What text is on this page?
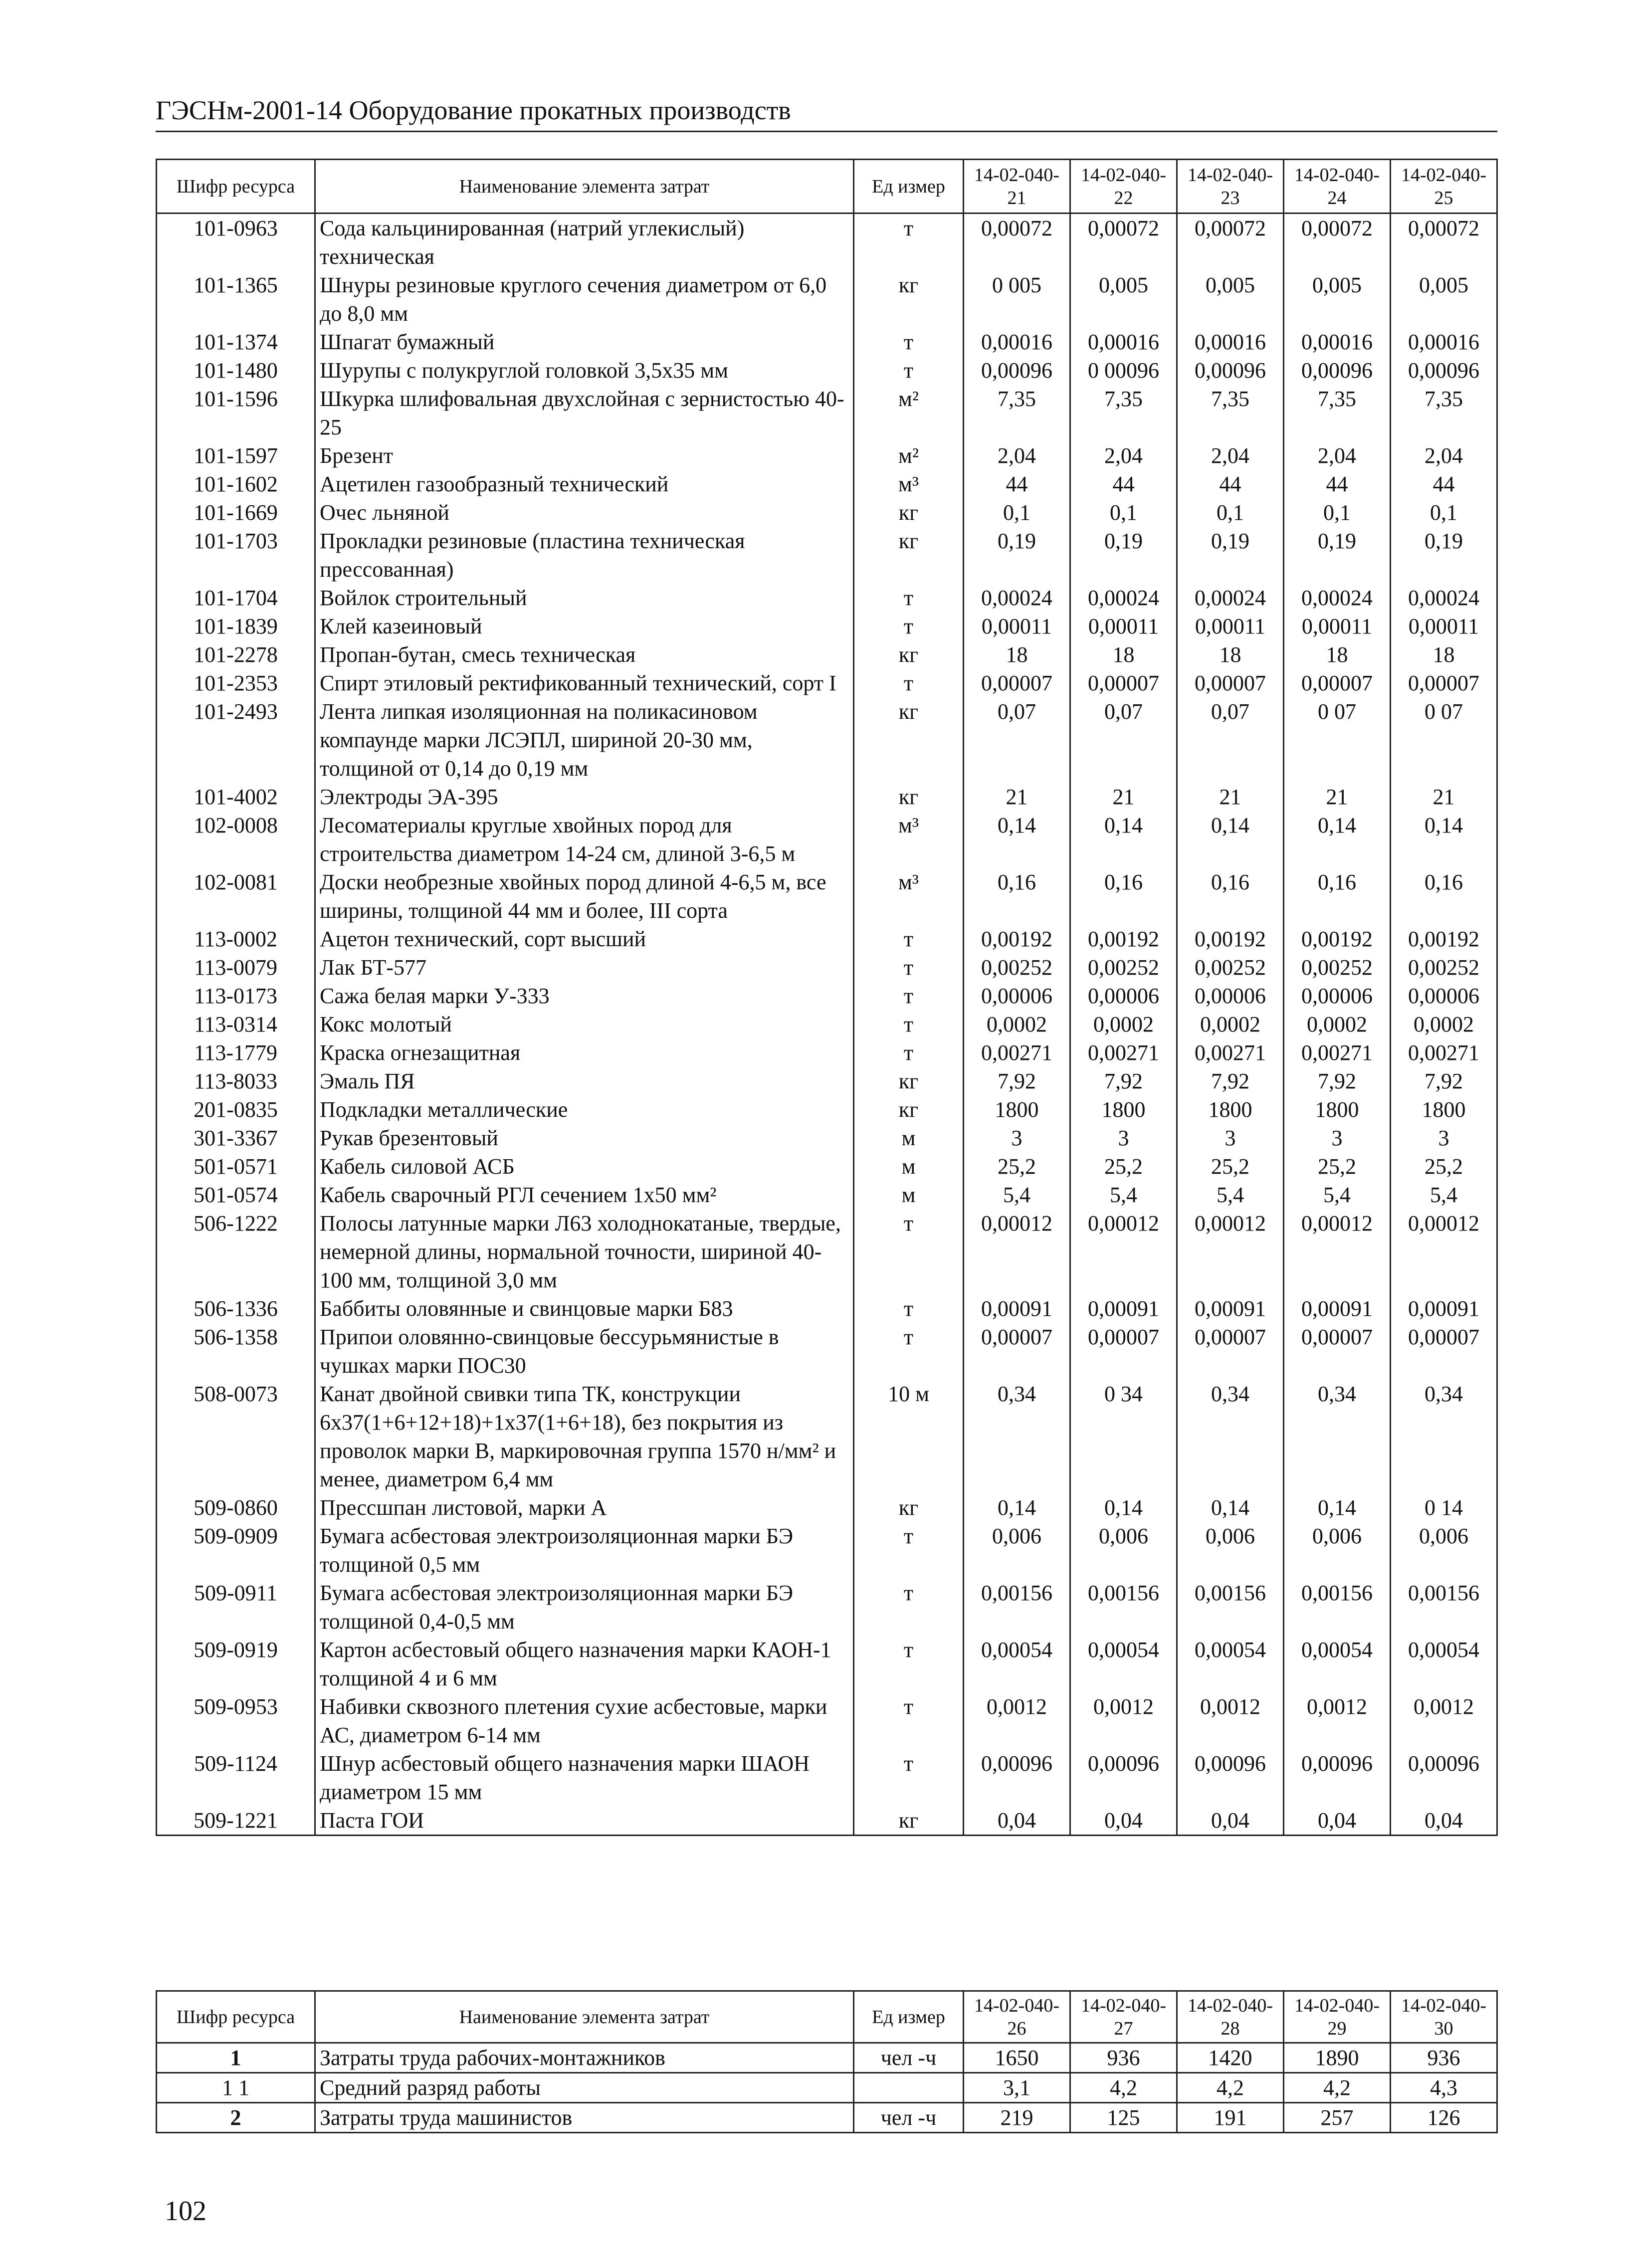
ГЭСНм-2001-14 Оборудование прокатных производств
Шифр ресурса	Наименование элемента затрат	Ед измер	14-02-040-21	14-02-040-22	14-02-040-23	14-02-040-24	14-02-040-25
101-0963	Сода кальцинированная (натрий углекислый) техническая	т	0,00072	0,00072	0,00072	0,00072	0,00072
101-1365	Шнуры резиновые круглого сечения диаметром от 6,0 до 8,0 мм	кг	0 005	0,005	0,005	0,005	0,005
101-1374	Шпагат бумажный	т	0,00016	0,00016	0,00016	0,00016	0,00016
101-1480	Шурупы с полукруглой головкой 3,5х35 мм	т	0,00096	0 00096	0,00096	0,00096	0,00096
101-1596	Шкурка шлифовальная двухслойная с зернистостью 40-25	м²	7,35	7,35	7,35	7,35	7,35
101-1597	Брезент	м²	2,04	2,04	2,04	2,04	2,04
101-1602	Ацетилен газообразный технический	м³	44	44	44	44	44
101-1669	Очес льняной	кг	0,1	0,1	0,1	0,1	0,1
101-1703	Прокладки резиновые (пластина техническая прессованная)	кг	0,19	0,19	0,19	0,19	0,19
101-1704	Войлок строительный	т	0,00024	0,00024	0,00024	0,00024	0,00024
101-1839	Клей казеиновый	т	0,00011	0,00011	0,00011	0,00011	0,00011
101-2278	Пропан-бутан, смесь техническая	кг	18	18	18	18	18
101-2353	Спирт этиловый ректификованный технический, сорт I	т	0,00007	0,00007	0,00007	0,00007	0,00007
101-2493	Лента липкая изоляционная на поликасиновом компаунде марки ЛСЭПЛ, шириной 20-30 мм, толщиной от 0,14 до 0,19 мм	кг	0,07	0,07	0,07	0 07	0 07
101-4002	Электроды ЭА-395	кг	21	21	21	21	21
102-0008	Лесоматериалы круглые хвойных пород для строительства диаметром 14-24 см, длиной 3-6,5 м	м³	0,14	0,14	0,14	0,14	0,14
102-0081	Доски необрезные хвойных пород длиной 4-6,5 м, все ширины, толщиной 44 мм и более, III сорта	м³	0,16	0,16	0,16	0,16	0,16
113-0002	Ацетон технический, сорт высший	т	0,00192	0,00192	0,00192	0,00192	0,00192
113-0079	Лак БТ-577	т	0,00252	0,00252	0,00252	0,00252	0,00252
113-0173	Сажа белая марки У-333	т	0,00006	0,00006	0,00006	0,00006	0,00006
113-0314	Кокс молотый	т	0,0002	0,0002	0,0002	0,0002	0,0002
113-1779	Краска огнезащитная	т	0,00271	0,00271	0,00271	0,00271	0,00271
113-8033	Эмаль ПЯ	кг	7,92	7,92	7,92	7,92	7,92
201-0835	Подкладки металлические	кг	1800	1800	1800	1800	1800
301-3367	Рукав брезентовый	м	3	3	3	3	3
501-0571	Кабель силовой АСБ	м	25,2	25,2	25,2	25,2	25,2
501-0574	Кабель сварочный РГЛ сечением 1х50 мм²	м	5,4	5,4	5,4	5,4	5,4
506-1222	Полосы латунные марки Л63 холоднокатаные, твердые, немерной длины, нормальной точности, шириной 40-100 мм, толщиной 3,0 мм	т	0,00012	0,00012	0,00012	0,00012	0,00012
506-1336	Баббиты оловянные и свинцовые марки Б83	т	0,00091	0,00091	0,00091	0,00091	0,00091
506-1358	Припои оловянно-свинцовые бессурьмянистые в чушках марки ПОС30	т	0,00007	0,00007	0,00007	0,00007	0,00007
508-0073	Канат двойной свивки типа ТК, конструкции 6х37(1+6+12+18)+1х37(1+6+18), без покрытия из проволок марки В, маркировочная группа 1570 н/мм² и менее, диаметром 6,4 мм	10 м	0,34	0 34	0,34	0,34	0,34
509-0860	Прессшпан листовой, марки А	кг	0,14	0,14	0,14	0,14	0 14
509-0909	Бумага асбестовая электроизоляционная марки БЭ толщиной 0,5 мм	т	0,006	0,006	0,006	0,006	0,006
509-0911	Бумага асбестовая электроизоляционная марки БЭ толщиной 0,4-0,5 мм	т	0,00156	0,00156	0,00156	0,00156	0,00156
509-0919	Картон асбестовый общего назначения марки КАОН-1 толщиной 4 и 6 мм	т	0,00054	0,00054	0,00054	0,00054	0,00054
509-0953	Набивки сквозного плетения сухие асбестовые, марки АС, диаметром 6-14 мм	т	0,0012	0,0012	0,0012	0,0012	0,0012
509-1124	Шнур асбестовый общего назначения марки ШАОН диаметром 15 мм	т	0,00096	0,00096	0,00096	0,00096	0,00096
509-1221	Паста ГОИ	кг	0,04	0,04	0,04	0,04	0,04
Шифр ресурса	Наименование элемента затрат	Ед измер	14-02-040-26	14-02-040-27	14-02-040-28	14-02-040-29	14-02-040-30
1	Затраты труда рабочих-монтажников	чел -ч	1650	936	1420	1890	936
1 1	Средний разряд работы		3,1	4,2	4,2	4,2	4,3
2	Затраты труда машинистов	чел -ч	219	125	191	257	126
102
